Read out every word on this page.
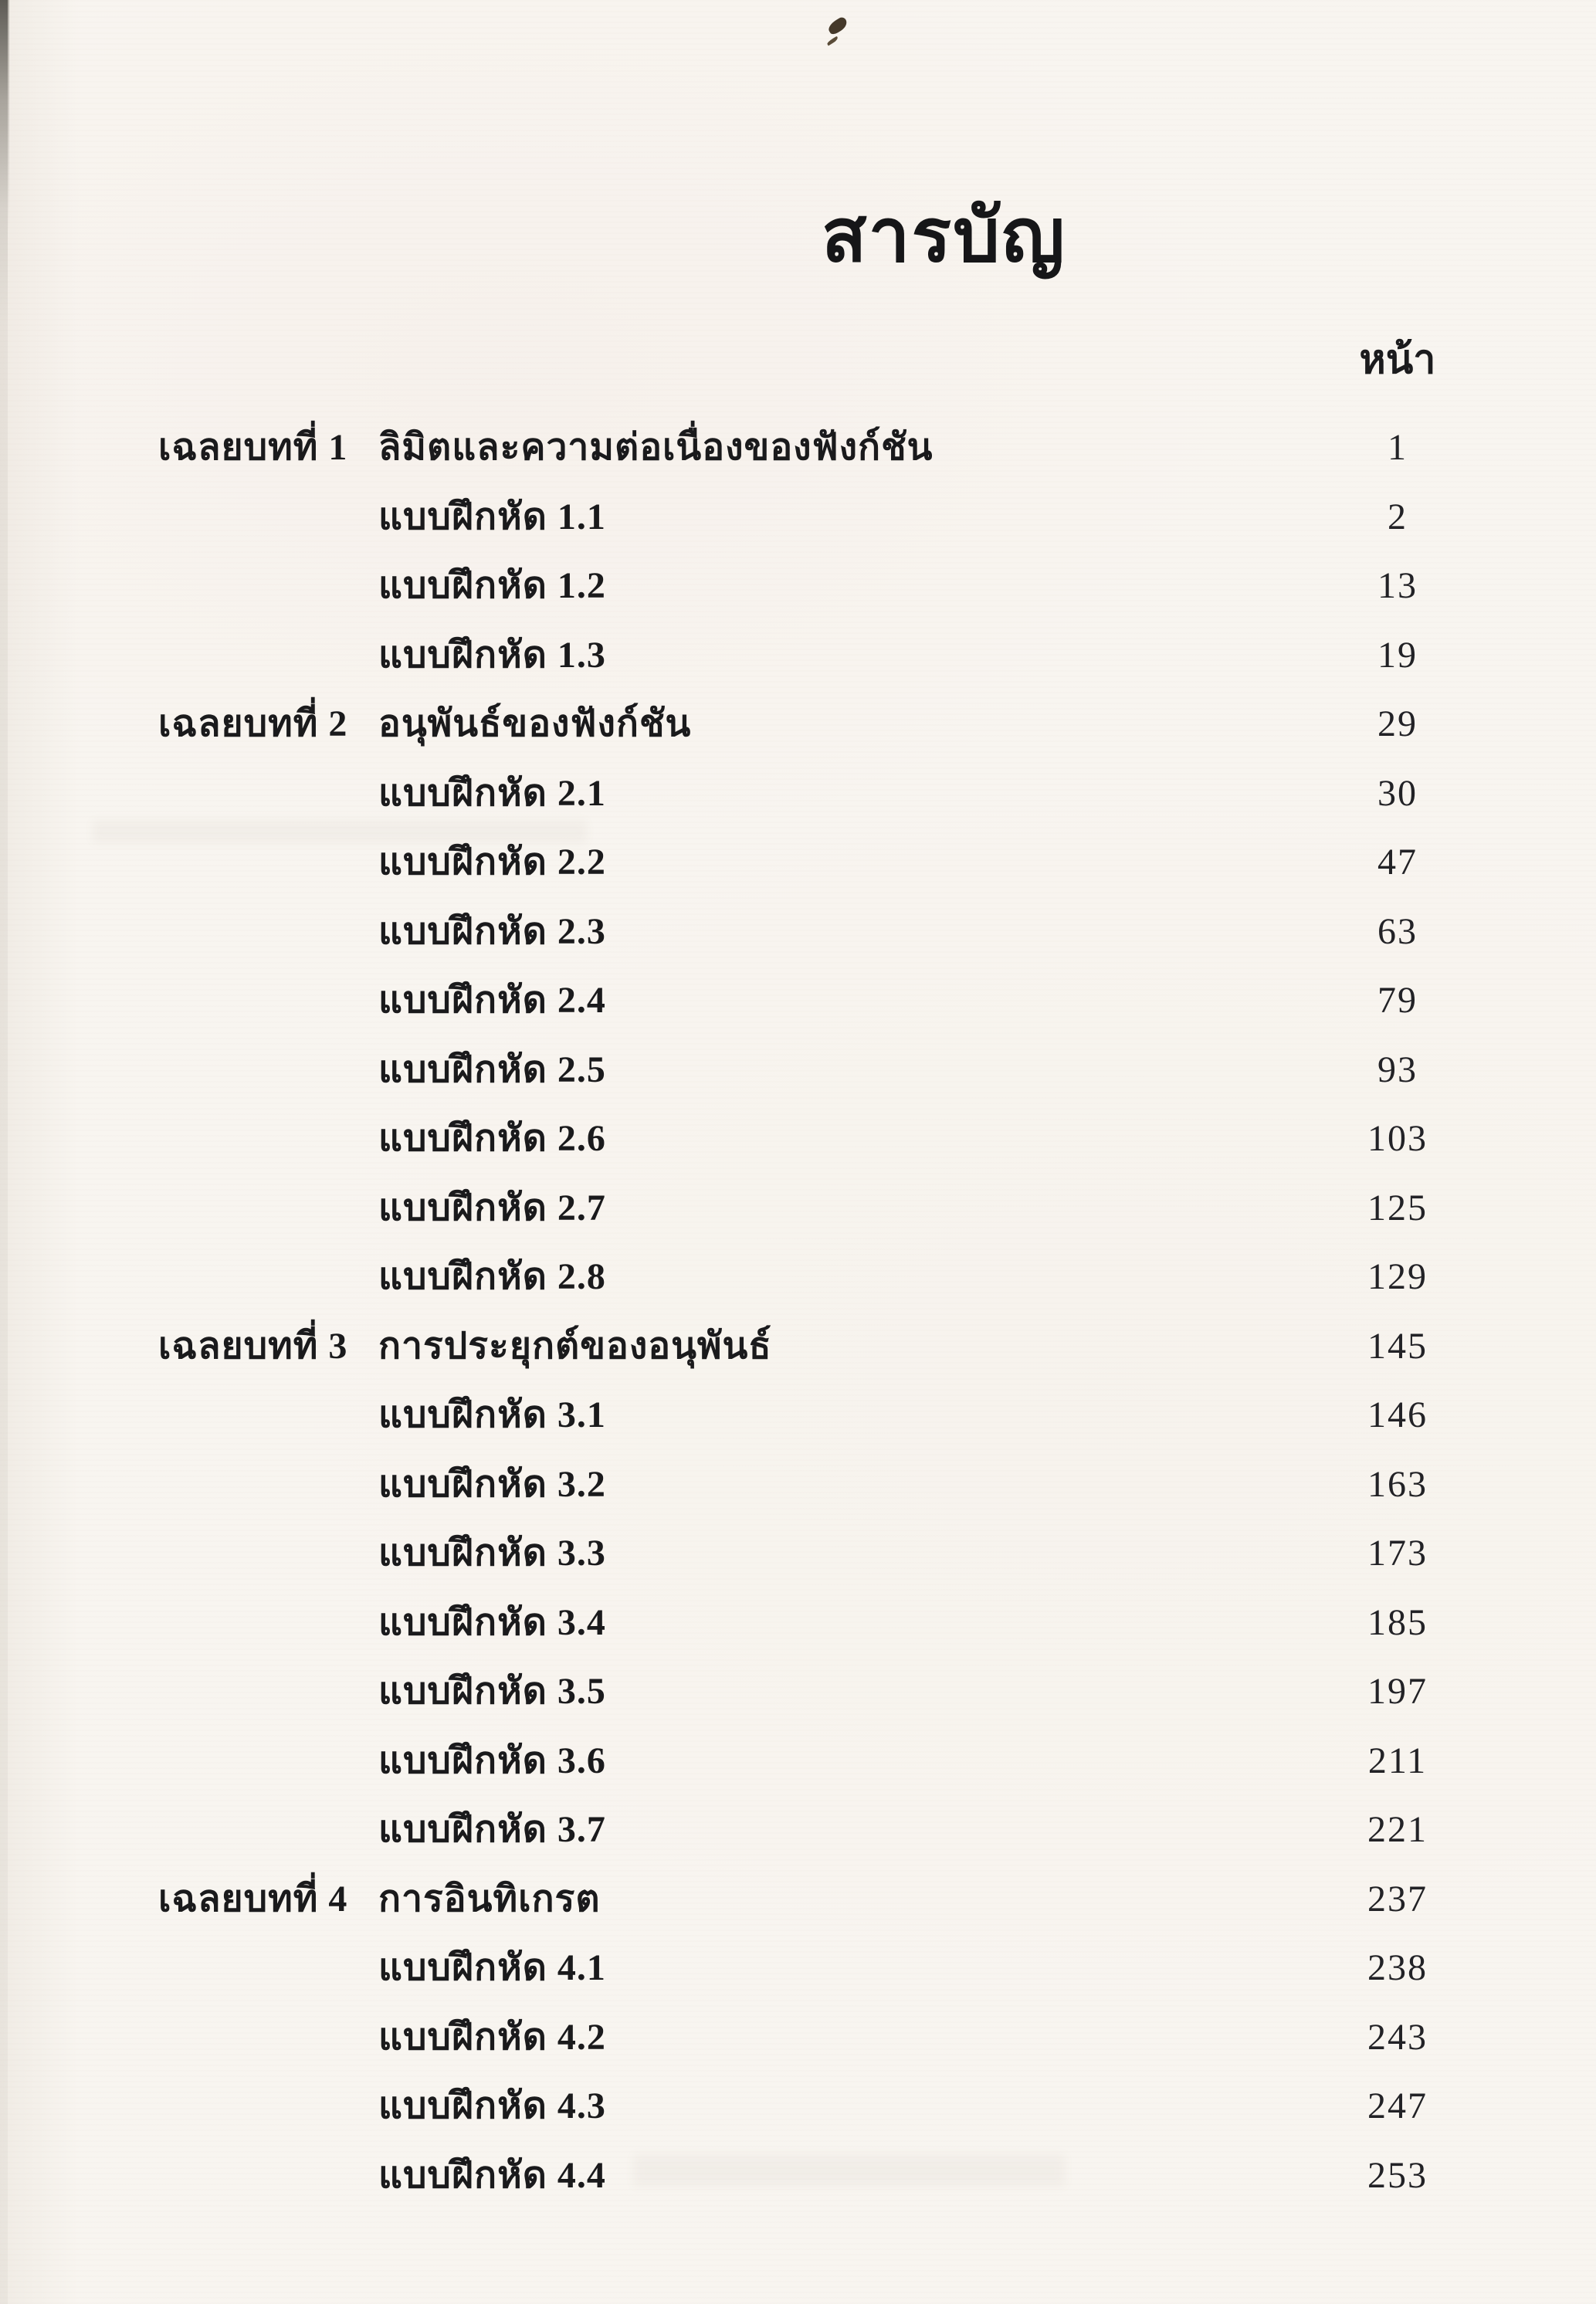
สารบัญ
หน้า
เฉลยบทที่ 1 ลิมิตและความต่อเนื่องของฟังก์ชัน	1
แบบฝึกหัด 1.1	2
แบบฝึกหัด 1.2	13
แบบฝึกหัด 1.3	19
เฉลยบทที่ 2 อนุพันธ์ของฟังก์ชัน	29
แบบฝึกหัด 2.1	30
แบบฝึกหัด 2.2	47
แบบฝึกหัด 2.3	63
แบบฝึกหัด 2.4	79
แบบฝึกหัด 2.5	93
แบบฝึกหัด 2.6	103
แบบฝึกหัด 2.7	125
แบบฝึกหัด 2.8	129
เฉลยบทที่ 3 การประยุกต์ของอนุพันธ์	145
แบบฝึกหัด 3.1	146
แบบฝึกหัด 3.2	163
แบบฝึกหัด 3.3	173
แบบฝึกหัด 3.4	185
แบบฝึกหัด 3.5	197
แบบฝึกหัด 3.6	211
แบบฝึกหัด 3.7	221
เฉลยบทที่ 4 การอินทิเกรต	237
แบบฝึกหัด 4.1	238
แบบฝึกหัด 4.2	243
แบบฝึกหัด 4.3	247
แบบฝึกหัด 4.4	253
